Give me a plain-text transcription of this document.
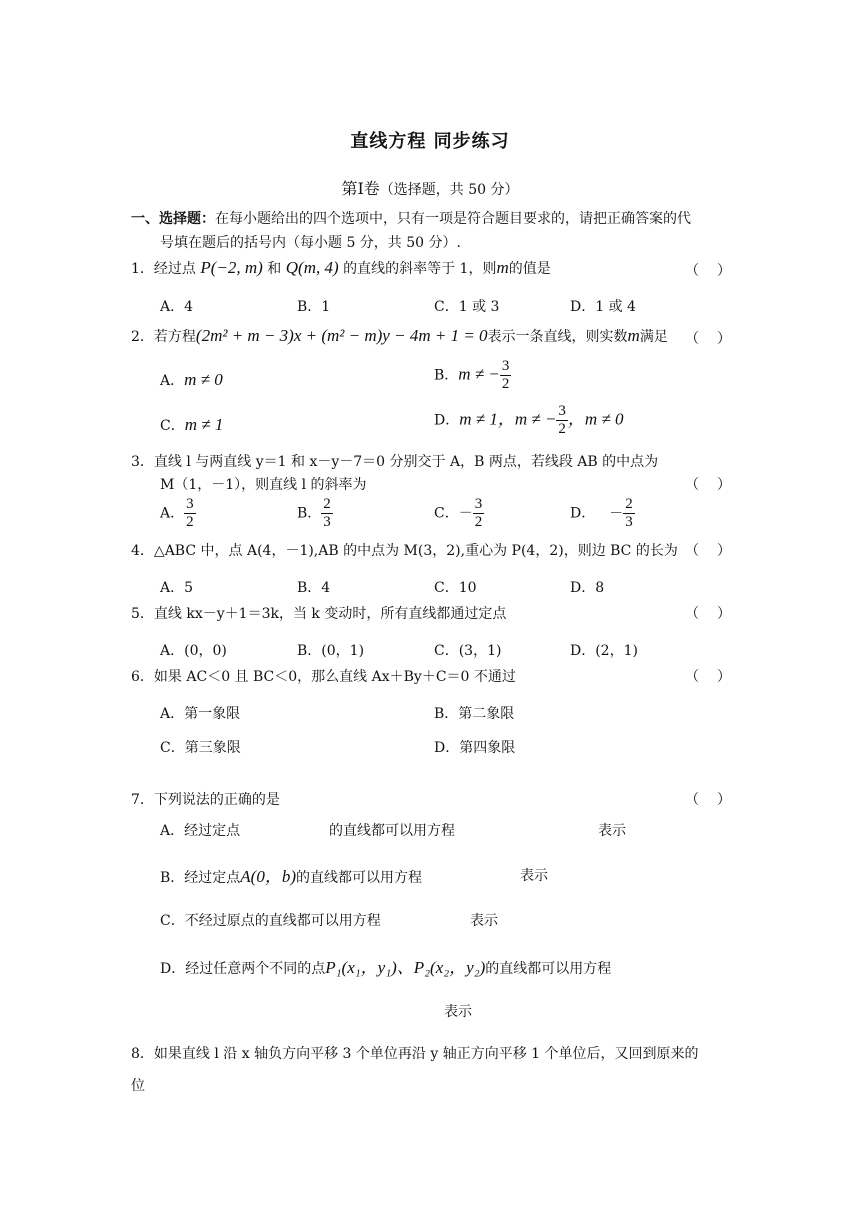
直线方程 同步练习
第Ⅰ卷（选择题，共 50 分）
一、选择题：在每小题给出的四个选项中，只有一项是符合题目要求的，请把正确答案的代
号填在题后的括号内（每小题 5 分，共 50 分）.
1．经过点 P(−2, m) 和 Q(m, 4) 的直线的斜率等于 1，则m的值是	（ ）
A．4	B．1	C．1 或 3	D．1 或 4
2．若方程(2m² + m − 3)x + (m² − m)y − 4m + 1 = 0表示一条直线，则实数m满足 （ ）
A．m ≠ 0	B．m ≠ − $\frac{3}{2}$
C．m ≠ 1	D．m ≠ 1，m ≠ − $\frac{3}{2}$ ，m ≠ 0
3．直线 l 与两直线 y＝1 和 x－y－7＝0 分别交于 A，B 两点，若线段 AB 的中点为
M（1，－1），则直线 l 的斜率为	（ ）
A． $\frac{3}{2}$	B． $\frac{2}{3}$	C．－ $\frac{3}{2}$	D． － $\frac{2}{3}$
4．△ABC 中，点 A(4，－1),AB 的中点为 M(3，2),重心为 P(4，2)，则边 BC 的长为 （ ）
A．5	B．4	C．10	D．8
5．直线 kx－y＋1＝3k，当 k 变动时，所有直线都通过定点	（ ）
A．(0，0)	B．(0，1)	C．(3，1)	D．(2，1)
6．如果 AC＜0 且 BC＜0，那么直线 Ax＋By＋C＝0 不通过	（ ）
A．第一象限	B．第二象限
C．第三象限	D．第四象限
7．下列说法的正确的是	（ ）
A．经过定点	的直线都可以用方程	表示
B．经过定点A(0，b)的直线都可以用方程	表示
C．不经过原点的直线都可以用方程	表示
D．经过任意两个不同的点P₁(x₁，y₁)、P₂(x₂，y₂)的直线都可以用方程
表示
8．如果直线 l 沿 x 轴负方向平移 3 个单位再沿 y 轴正方向平移 1 个单位后，又回到原来的
位
